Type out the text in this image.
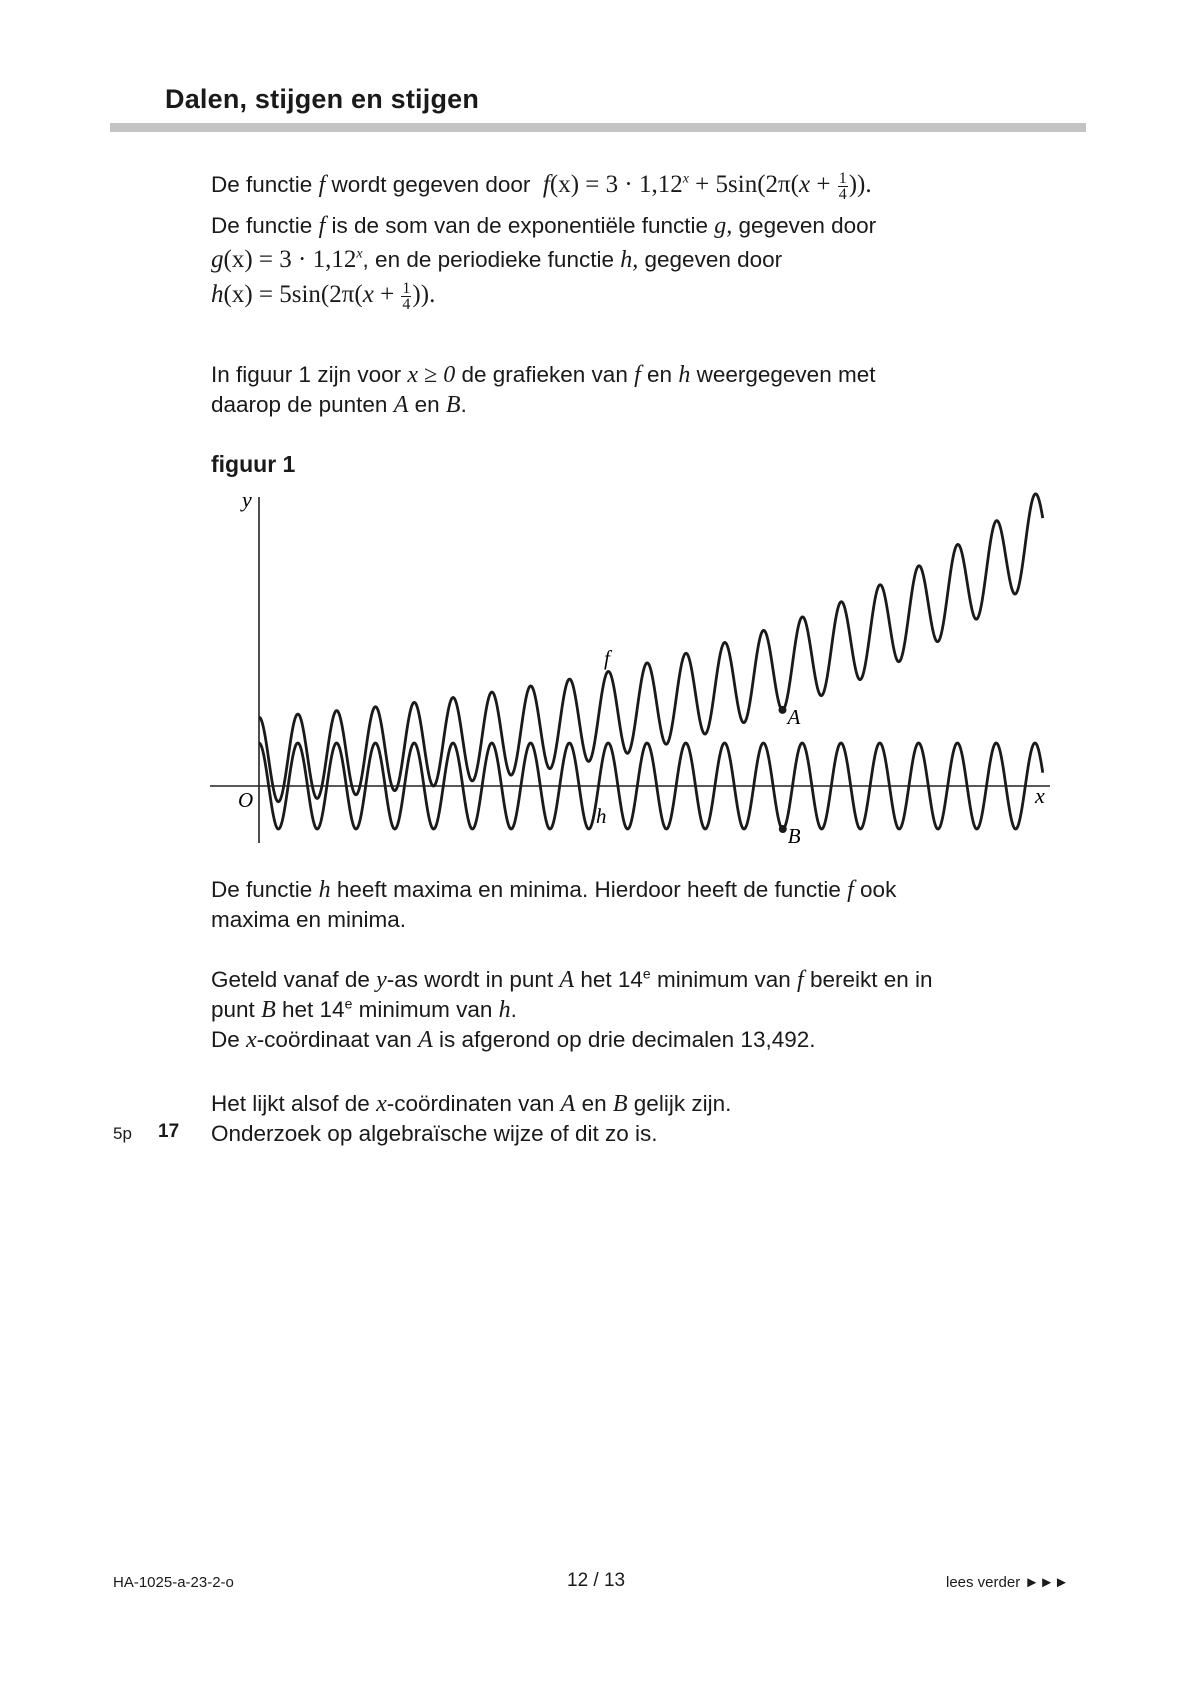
Dalen, stijgen en stijgen
De functie f wordt gegeven door $f(x) = 3 \cdot 1,12^x + 5\sin(2\pi(x + \frac{1}{4}$ )).
De functie f is de som van de exponentiële functie g, gegeven door
$g(x) = 3 \cdot 1,12^x$, en de periodieke functie h, gegeven door
$h(x) = 5\sin(2\pi(x + \frac{1}{4}$ )).
In figuur 1 zijn voor x ≥ 0 de grafieken van f en h weergegeven met
daarop de punten A en B.
figuur 1
y
x
O
f
h
A
B
De functie h heeft maxima en minima. Hierdoor heeft de functie f ook
maxima en minima.
Geteld vanaf de y-as wordt in punt A het 14e minimum van f bereikt en in
punt B het 14e minimum van h.
De x-coördinaat van A is afgerond op drie decimalen 13,492.
Het lijkt alsof de x-coördinaten van A en B gelijk zijn.
Onderzoek op algebraïsche wijze of dit zo is.
5p 17
HA-1025-a-23-2-o	12 / 13	lees verder ►►►
